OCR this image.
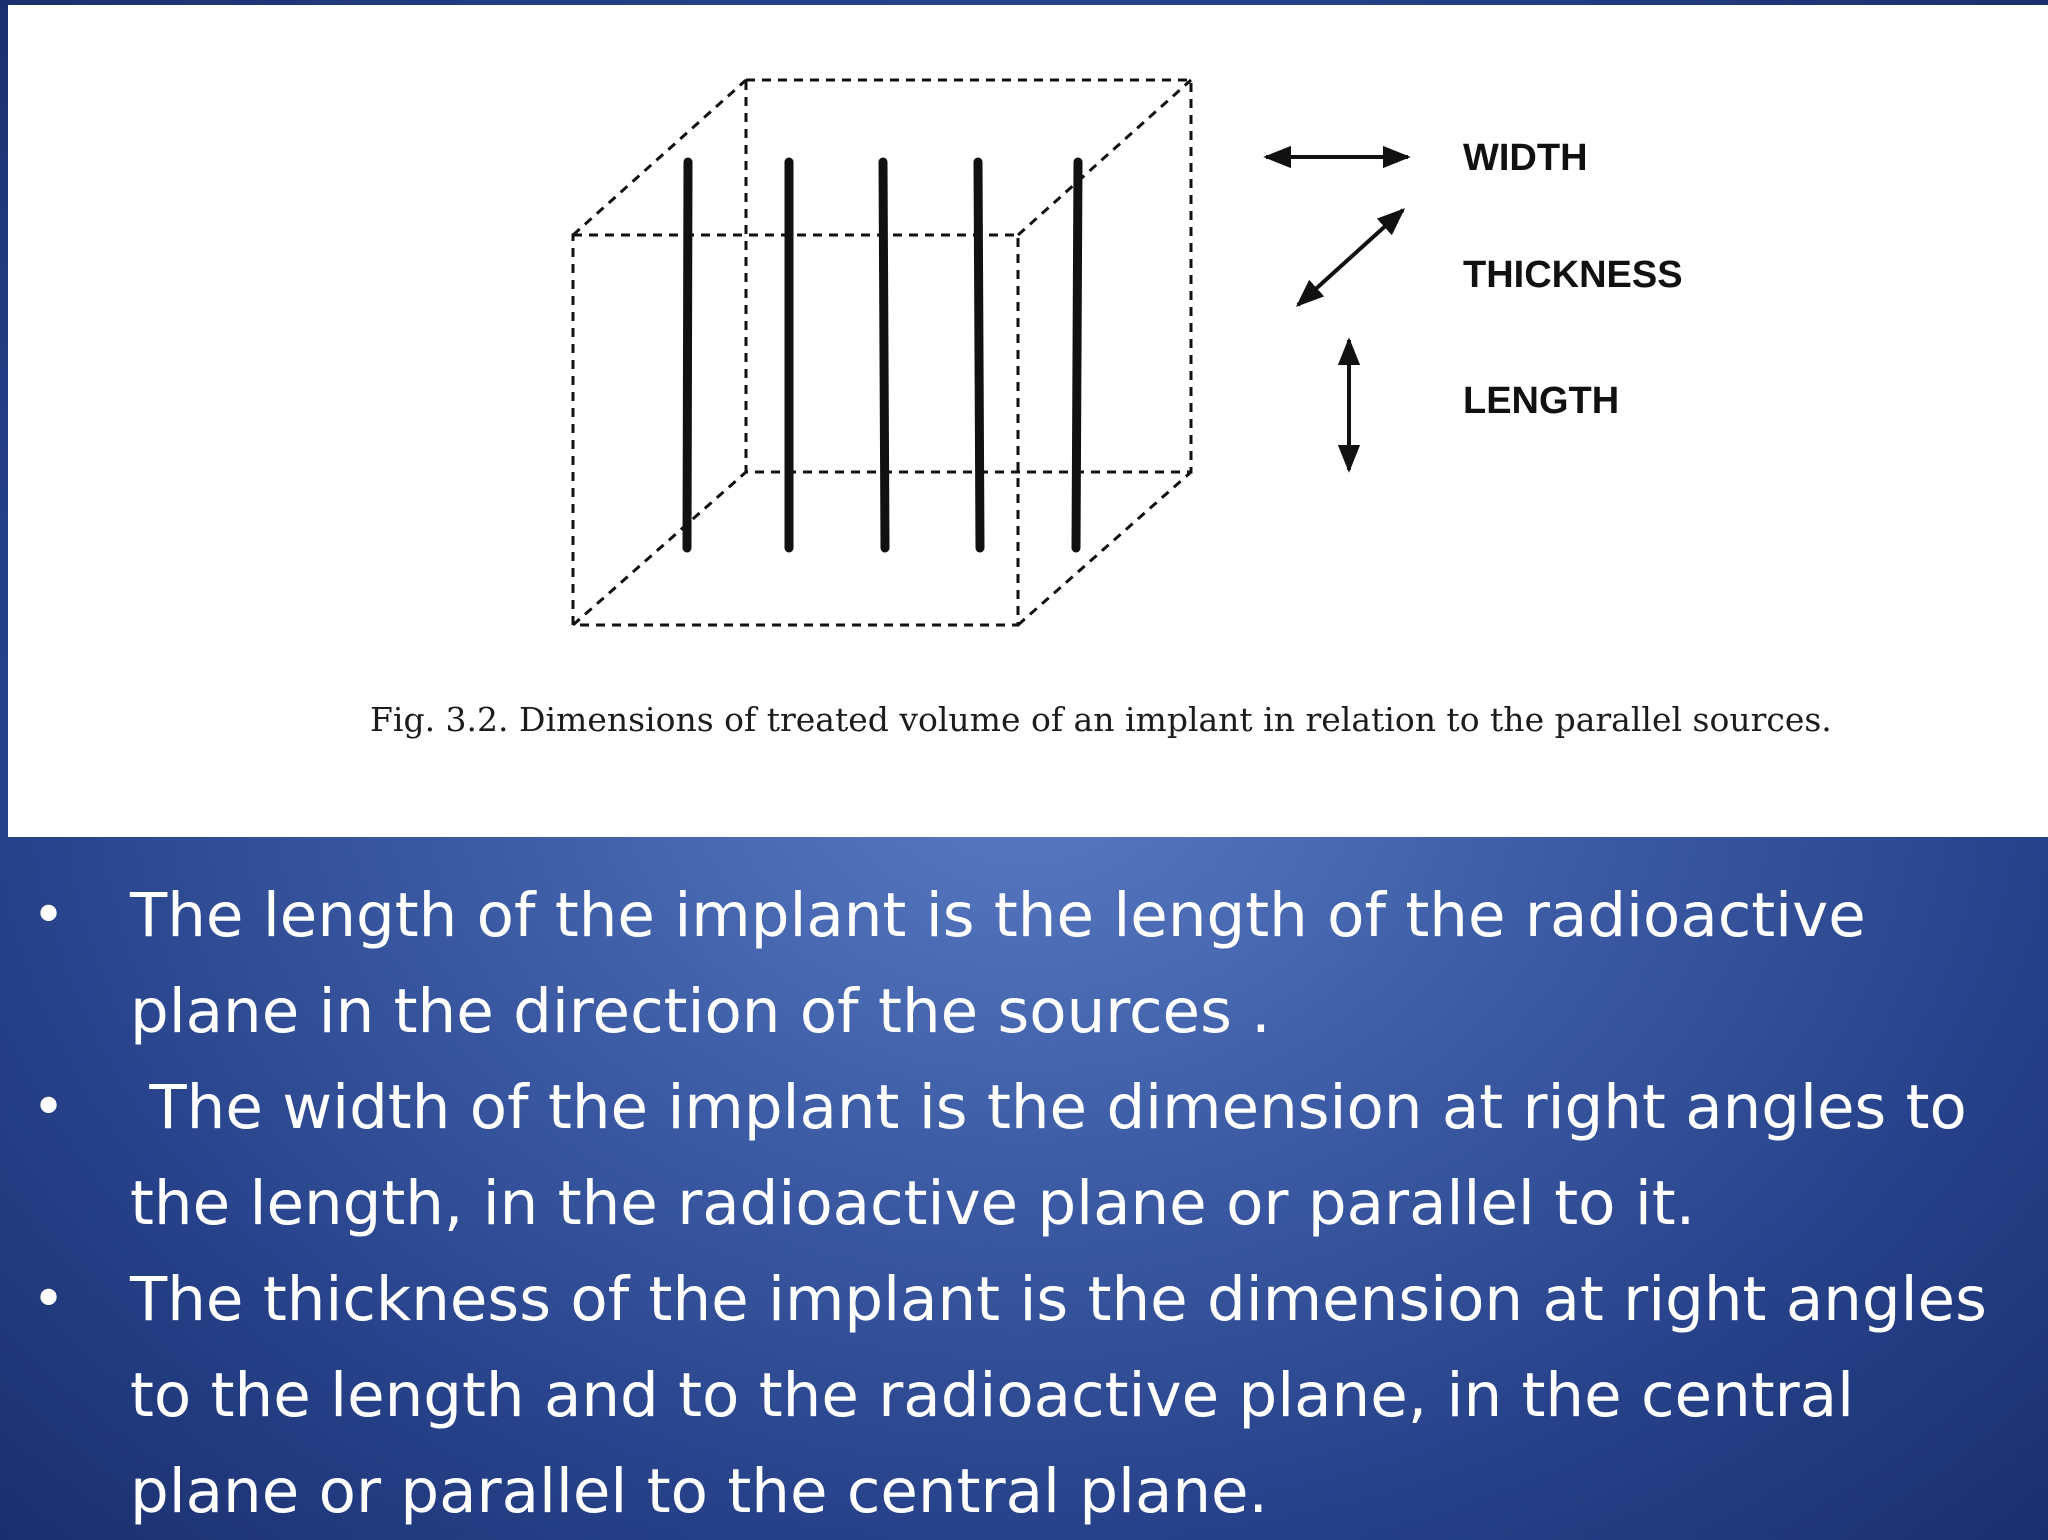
WIDTH
THICKNESS
LENGTH
Fig. 3.2. Dimensions of treated volume of an implant in relation to the parallel sources.
• The length of the implant is the length of the radioactive plane in the direction of the sources .
• The width of the implant is the dimension at right angles to the length, in the radioactive plane or parallel to it.
• The thickness of the implant is the dimension at right angles to the length and to the radioactive plane, in the central plane or parallel to the central plane.
